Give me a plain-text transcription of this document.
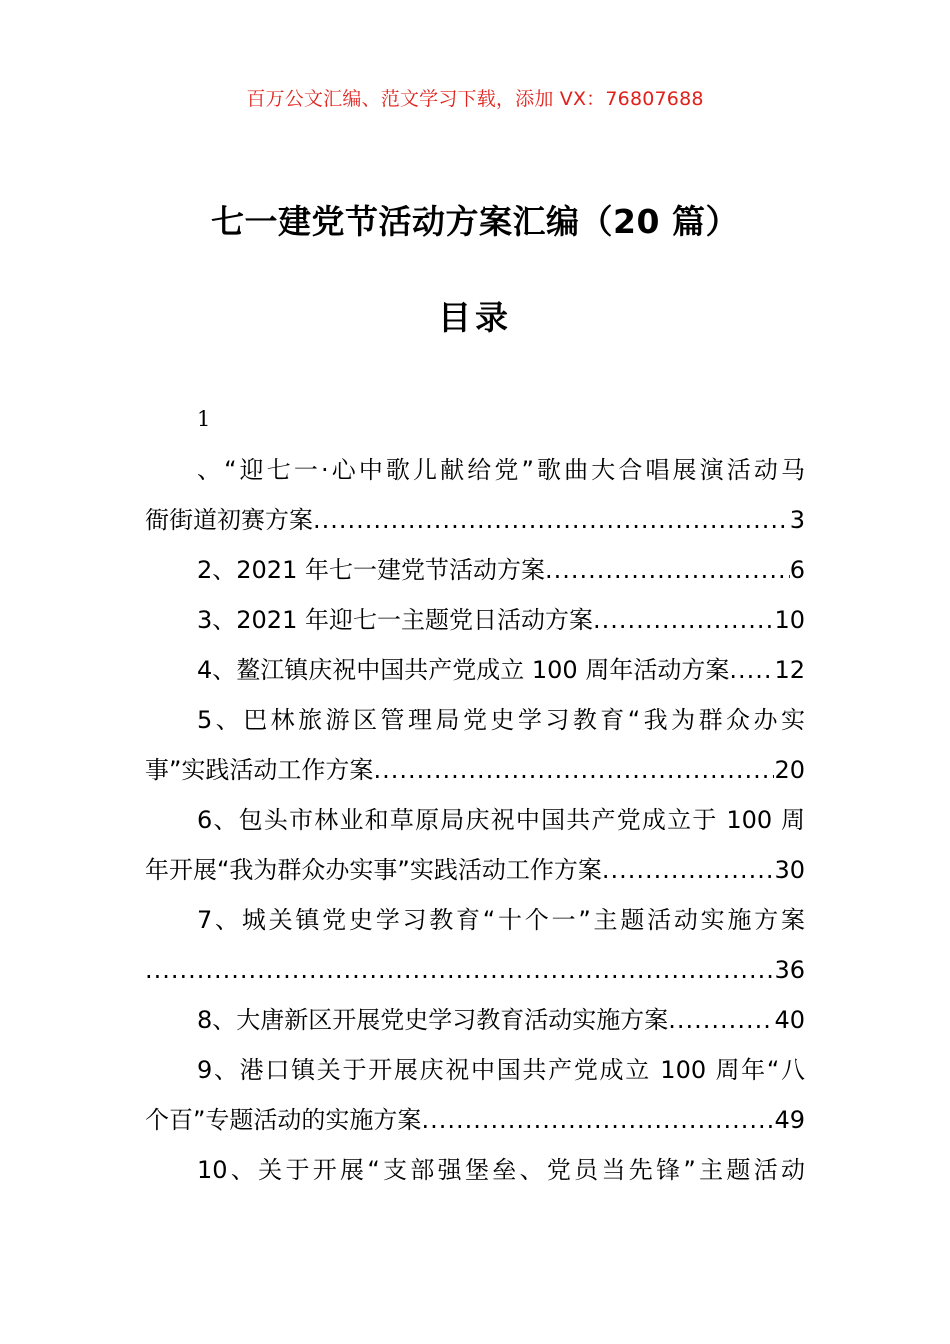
百万公文汇编、范文学习下载，添加 VX：76807688
七一建党节活动方案汇编（20 篇）
目录
1
、“迎七一·心中歌儿献给党”歌曲大合唱展演活动马
衙街道初赛方案 .....	3
2、2021 年七一建党节活动方案 .....	6
3、2021 年迎七一主题党日活动方案 .....	10
4、鳌江镇庆祝中国共产党成立 100 周年活动方案 ..... 12
5、巴林旅游区管理局党史学习教育“我为群众办实
事”实践活动工作方案 .....	20
6、包头市林业和草原局庆祝中国共产党成立于 100 周
年开展“我为群众办实事”实践活动工作方案 .....	30
7、城关镇党史学习教育“十个一”主题活动实施方案
.....
36
8、大唐新区开展党史学习教育活动实施方案 .....	40
9、港口镇关于开展庆祝中国共产党成立 100 周年“八
个百”专题活动的实施方案 .....	49
10、关于开展“支部强堡垒、党员当先锋”主题活动
